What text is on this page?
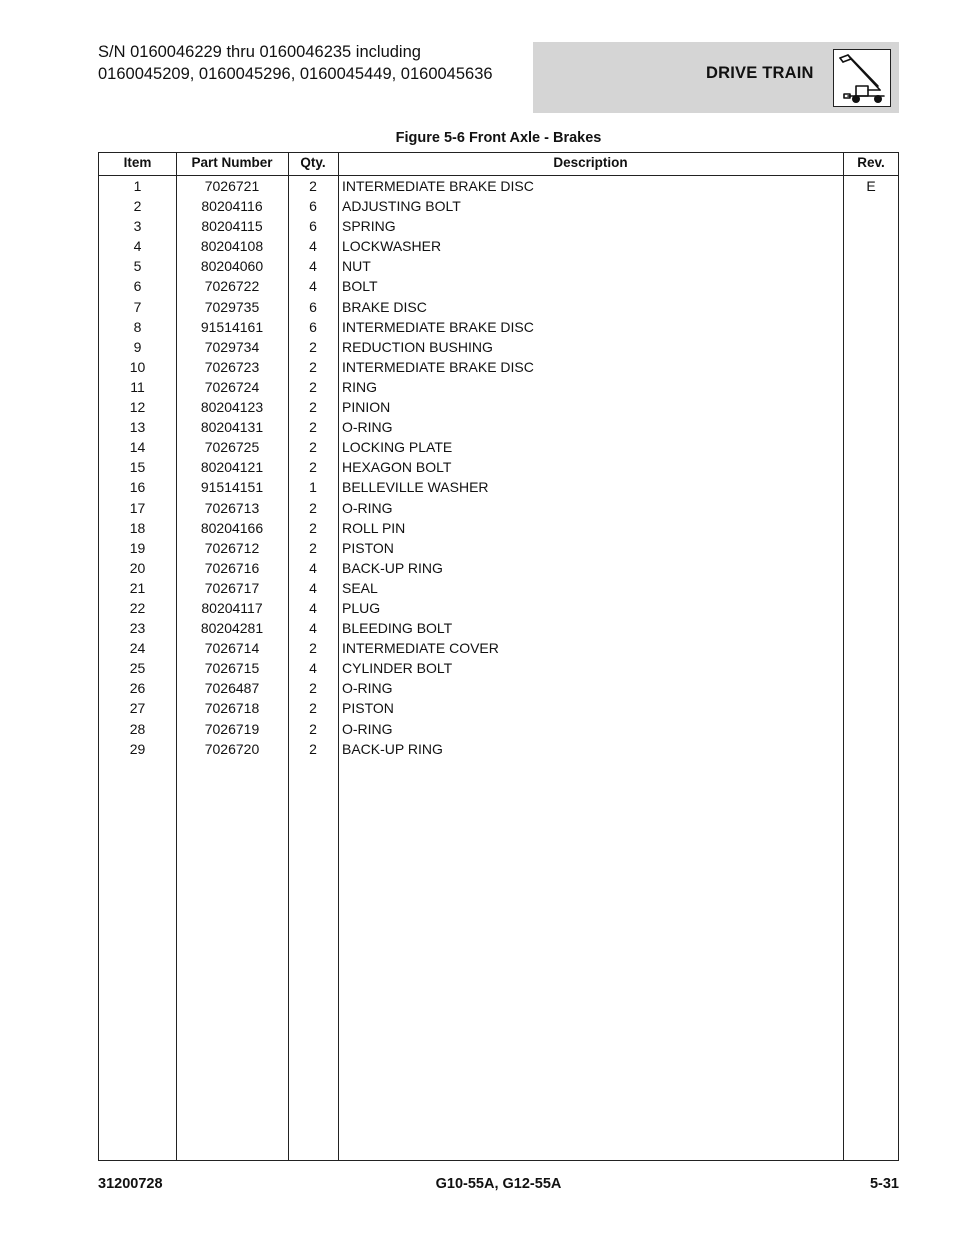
S/N 0160046229 thru 0160046235 including
0160045209, 0160045296, 0160045449, 0160045636	DRIVE TRAIN
Figure 5-6 Front Axle - Brakes
Item	Part Number	Qty.	Description	Rev.
1	7026721	2	INTERMEDIATE BRAKE DISC	E
2	80204116	6	ADJUSTING BOLT
3	80204115	6	SPRING
4	80204108	4	LOCKWASHER
5	80204060	4	NUT
6	7026722	4	BOLT
7	7029735	6	BRAKE DISC
8	91514161	6	INTERMEDIATE BRAKE DISC
9	7029734	2	REDUCTION BUSHING
10	7026723	2	INTERMEDIATE BRAKE DISC
11	7026724	2	RING
12	80204123	2	PINION
13	80204131	2	O-RING
14	7026725	2	LOCKING PLATE
15	80204121	2	HEXAGON BOLT
16	91514151	1	BELLEVILLE WASHER
17	7026713	2	O-RING
18	80204166	2	ROLL PIN
19	7026712	2	PISTON
20	7026716	4	BACK-UP RING
21	7026717	4	SEAL
22	80204117	4	PLUG
23	80204281	4	BLEEDING BOLT
24	7026714	2	INTERMEDIATE COVER
25	7026715	4	CYLINDER BOLT
26	7026487	2	O-RING
27	7026718	2	PISTON
28	7026719	2	O-RING
29	7026720	2	BACK-UP RING
31200728	G10-55A, G12-55A	5-31
